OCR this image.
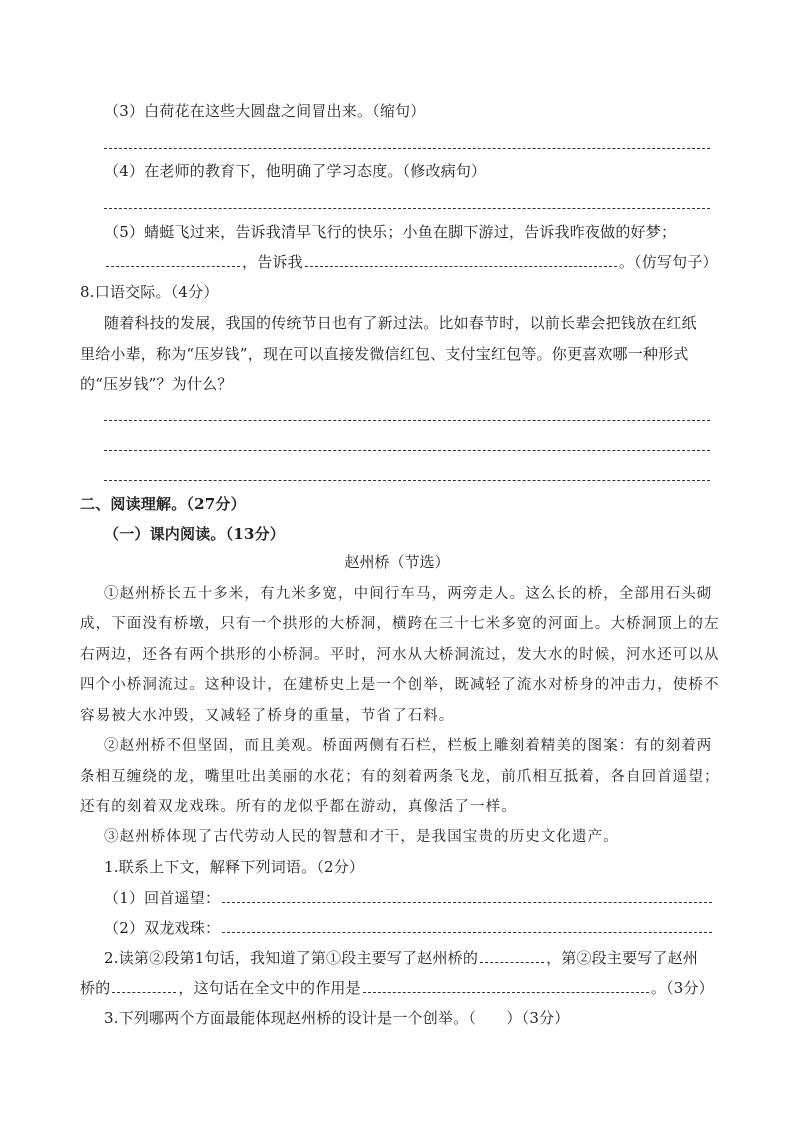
（3）白荷花在这些大圆盘之间冒出来。（缩句）
（4）在老师的教育下，他明确了学习态度。（修改病句）
（5）蜻蜓飞过来，告诉我清早飞行的快乐；小鱼在脚下游过，告诉我昨夜做的好梦；
，告诉我	。（仿写句子）
8.口语交际。（4分）
随着科技的发展，我国的传统节日也有了新过法。比如春节时，以前长辈会把钱放在红纸
里给小辈，称为“压岁钱”，现在可以直接发微信红包、支付宝红包等。你更喜欢哪一种形式
的“压岁钱”？为什么？
二、阅读理解。（27分）
（一）课内阅读。（13分）
赵州桥（节选）
①赵州桥长五十多米，有九米多宽，中间行车马，两旁走人。这么长的桥，全部用石头砌
成，下面没有桥墩，只有一个拱形的大桥洞，横跨在三十七米多宽的河面上。大桥洞顶上的左
右两边，还各有两个拱形的小桥洞。平时，河水从大桥洞流过，发大水的时候，河水还可以从
四个小桥洞流过。这种设计，在建桥史上是一个创举，既减轻了流水对桥身的冲击力，使桥不
容易被大水冲毁，又减轻了桥身的重量，节省了石料。
②赵州桥不但坚固，而且美观。桥面两侧有石栏，栏板上雕刻着精美的图案：有的刻着两
条相互缠绕的龙，嘴里吐出美丽的水花；有的刻着两条飞龙，前爪相互抵着，各自回首遥望；
还有的刻着双龙戏珠。所有的龙似乎都在游动，真像活了一样。
③赵州桥体现了古代劳动人民的智慧和才干，是我国宝贵的历史文化遗产。
1.联系上下文，解释下列词语。（2分）
（1）回首遥望：
（2）双龙戏珠：
2.读第②段第1句话，我知道了第①段主要写了赵州桥的	，第②段主要写了赵州
桥的	，这句话在全文中的作用是	。（3分）
3.下列哪两个方面最能体现赵州桥的设计是一个创举。（　　）（3分）
